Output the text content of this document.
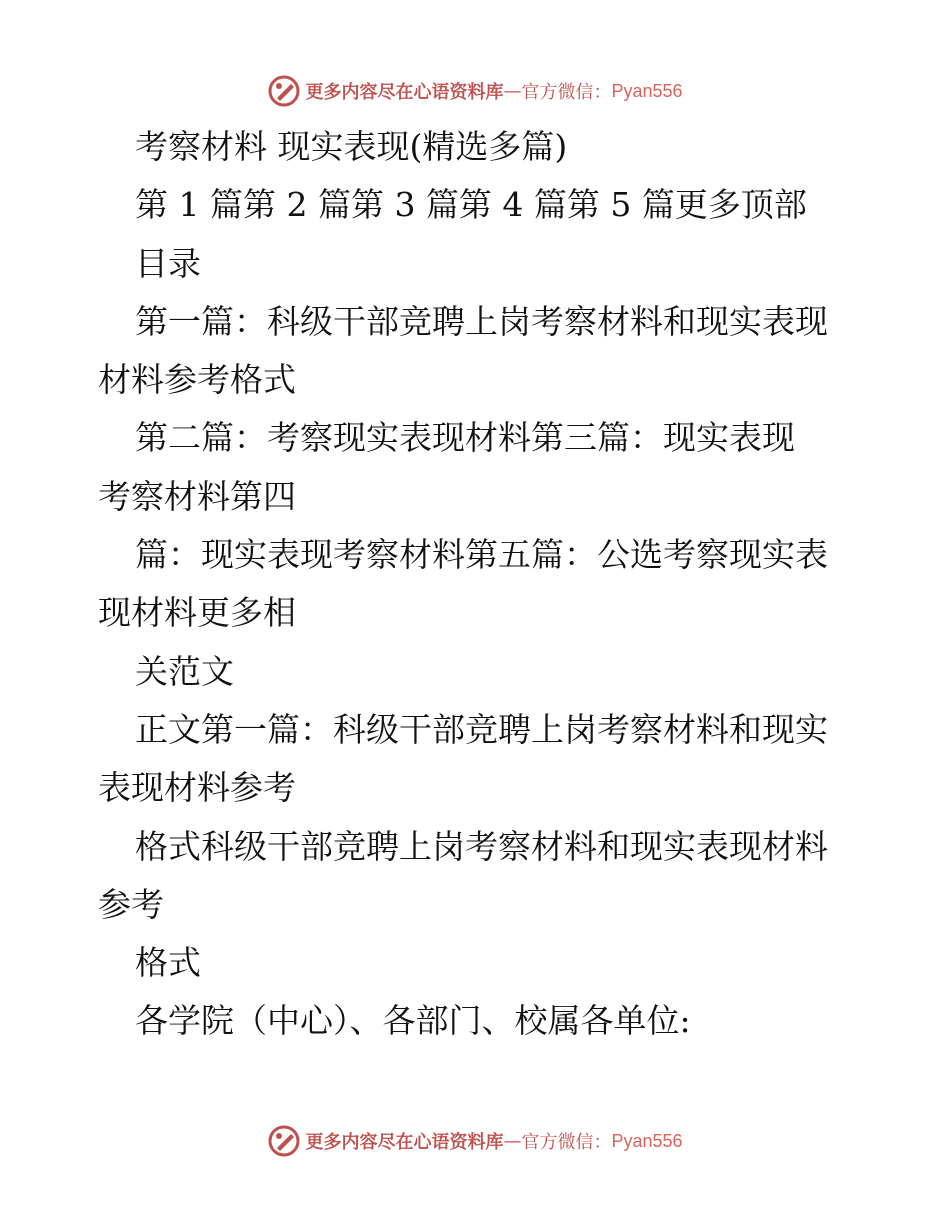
更多内容尽在心语资料库 — 官方微信： Pyan556

考察材料 现实表现(精选多篇)

第 1 篇第 2 篇第 3 篇第 4 篇第 5 篇更多顶部

目录

第一篇：科级干部竞聘上岗考察材料和现实表现

材料参考格式

第二篇：考察现实表现材料第三篇：现实表现

考察材料第四

篇：现实表现考察材料第五篇：公选考察现实表

现材料更多相

关范文

正文第一篇：科级干部竞聘上岗考察材料和现实

表现材料参考

格式科级干部竞聘上岗考察材料和现实表现材料

参考

格式

各学院（中心）、各部门、校属各单位:

更多内容尽在心语资料库 — 官方微信： Pyan556
